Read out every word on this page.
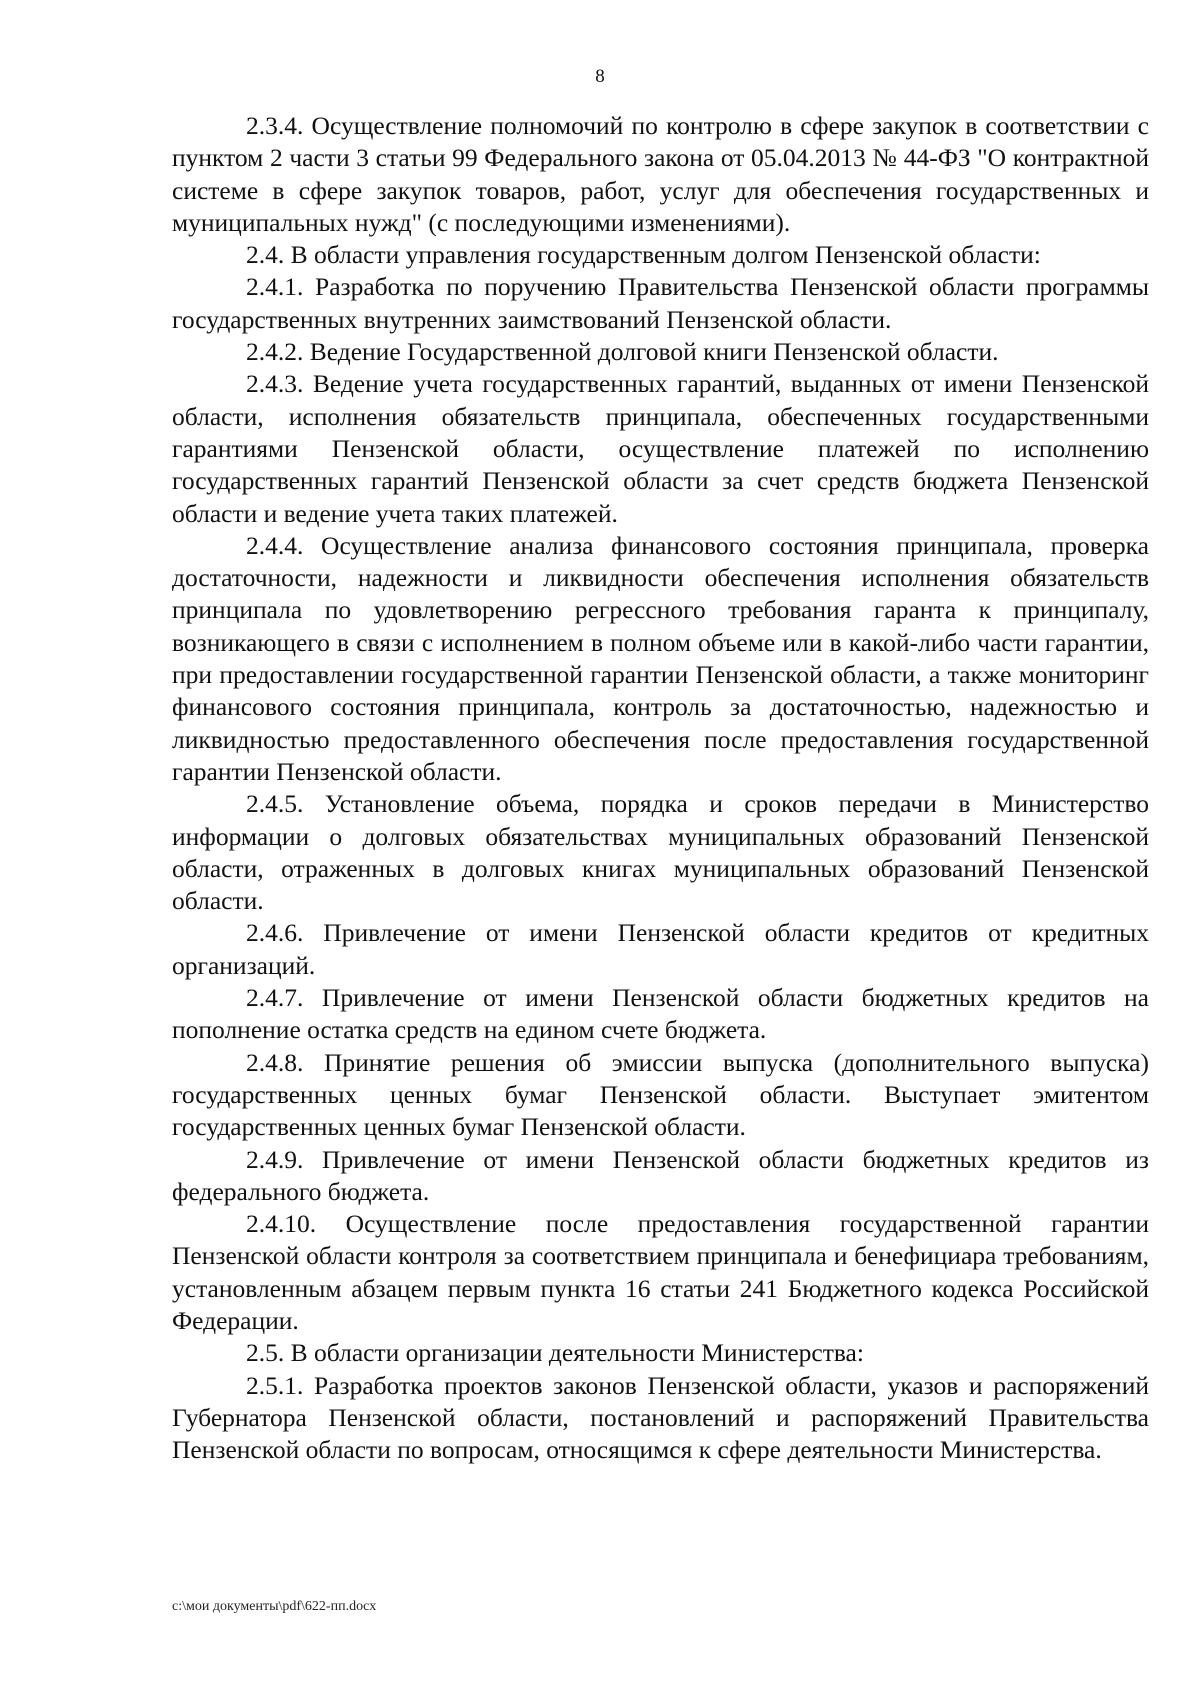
8

2.3.4. Осуществление полномочий по контролю в сфере закупок в соответствии с пунктом 2 части 3 статьи 99 Федерального закона от 05.04.2013 № 44-ФЗ "О контрактной системе в сфере закупок товаров, работ, услуг для обеспечения государственных и муниципальных нужд" (с последующими изменениями).

2.4. В области управления государственным долгом Пензенской области:

2.4.1. Разработка по поручению Правительства Пензенской области программы государственных внутренних заимствований Пензенской области.

2.4.2. Ведение Государственной долговой книги Пензенской области.

2.4.3. Ведение учета государственных гарантий, выданных от имени Пензенской области, исполнения обязательств принципала, обеспеченных государственными гарантиями Пензенской области, осуществление платежей по исполнению государственных гарантий Пензенской области за счет средств бюджета Пензенской области и ведение учета таких платежей.

2.4.4. Осуществление анализа финансового состояния принципала, проверка достаточности, надежности и ликвидности обеспечения исполнения обязательств принципала по удовлетворению регрессного требования гаранта к принципалу, возникающего в связи с исполнением в полном объеме или в какой-либо части гарантии, при предоставлении государственной гарантии Пензенской области, а также мониторинг финансового состояния принципала, контроль за достаточностью, надежностью и ликвидностью предоставленного обеспечения после предоставления государственной гарантии Пензенской области.

2.4.5. Установление объема, порядка и сроков передачи в Министерство информации о долговых обязательствах муниципальных образований Пензенской области, отраженных в долговых книгах муниципальных образований Пензенской области.

2.4.6. Привлечение от имени Пензенской области кредитов от кредитных организаций.

2.4.7. Привлечение от имени Пензенской области бюджетных кредитов на пополнение остатка средств на едином счете бюджета.

2.4.8. Принятие решения об эмиссии выпуска (дополнительного выпуска) государственных ценных бумаг Пензенской области. Выступает эмитентом государственных ценных бумаг Пензенской области.

2.4.9. Привлечение от имени Пензенской области бюджетных кредитов из федерального бюджета.

2.4.10. Осуществление после предоставления государственной гарантии Пензенской области контроля за соответствием принципала и бенефициара требованиям, установленным абзацем первым пункта 16 статьи 241 Бюджетного кодекса Российской Федерации.

2.5. В области организации деятельности Министерства:

2.5.1. Разработка проектов законов Пензенской области, указов и распоряжений Губернатора Пензенской области, постановлений и распоряжений Правительства Пензенской области по вопросам, относящимся к сфере деятельности Министерства.

c:\мои документы\pdf\622-пп.docx
